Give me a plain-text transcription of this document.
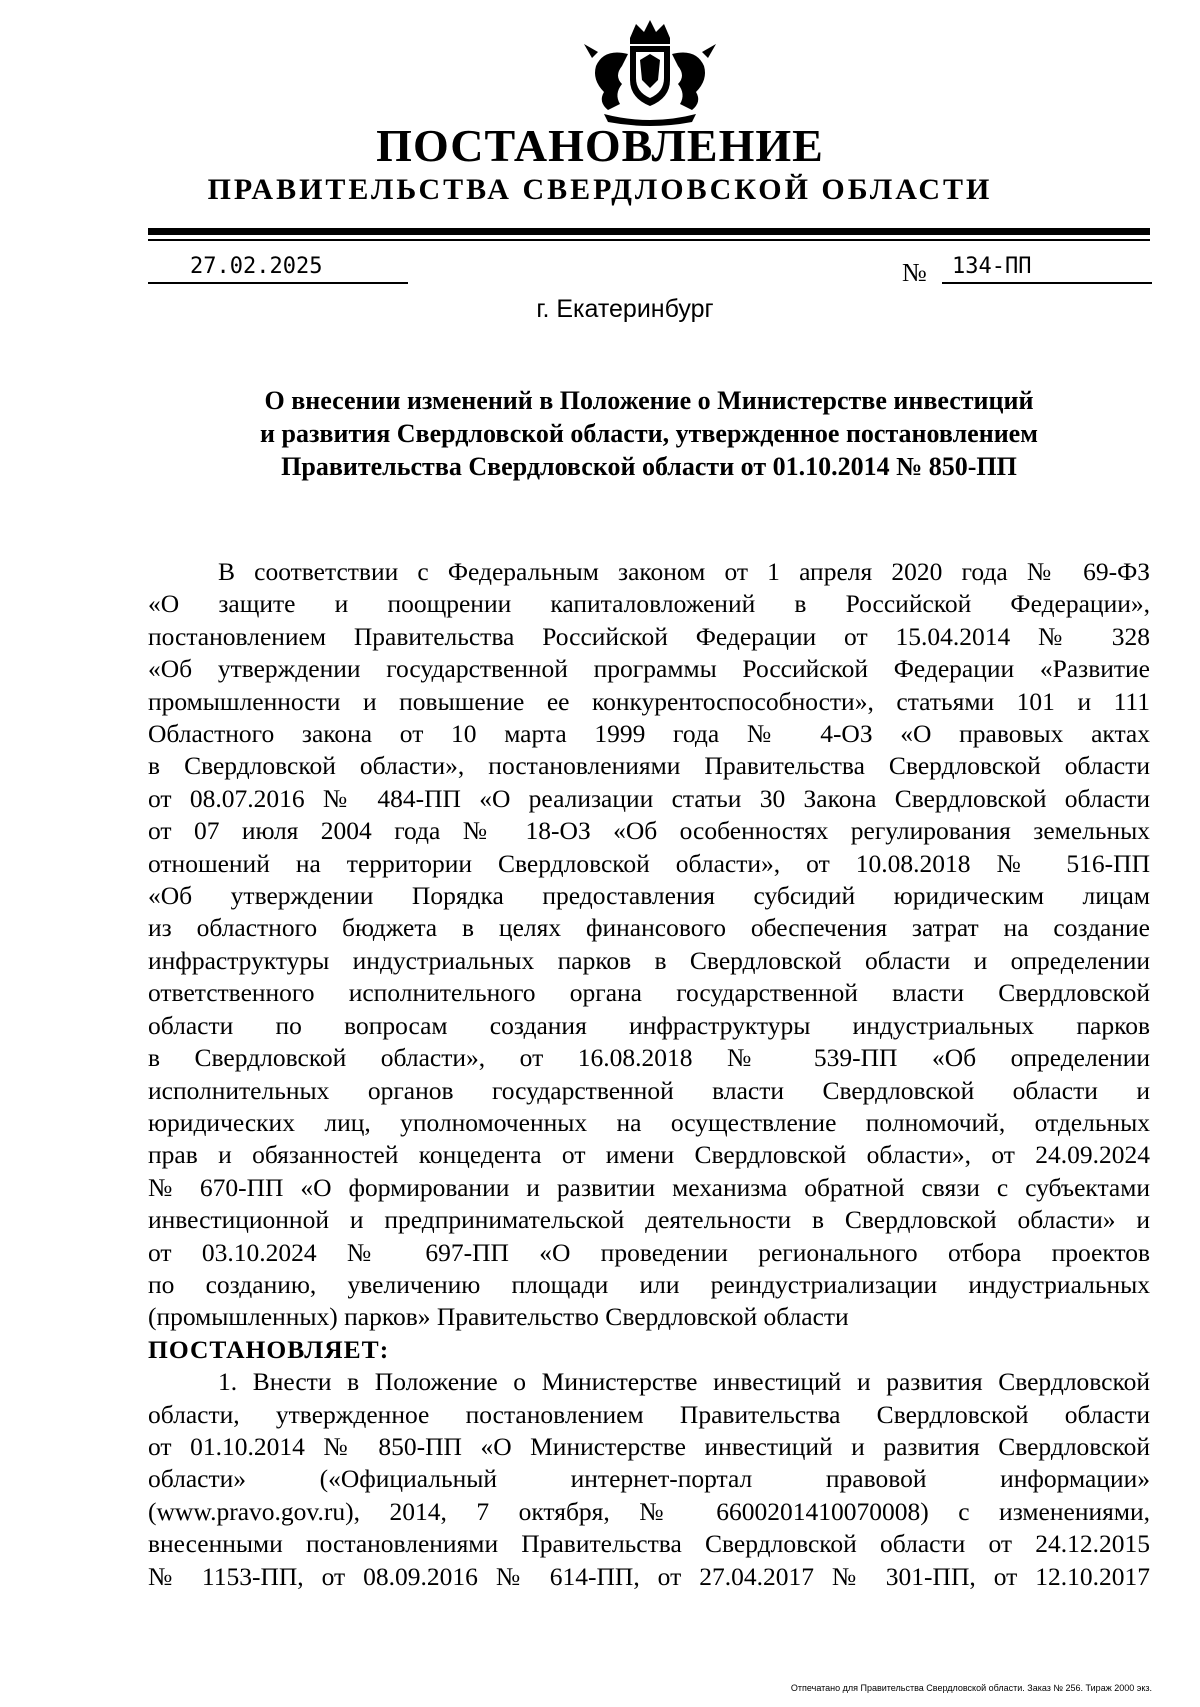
ПОСТАНОВЛЕНИЕ
ПРАВИТЕЛЬСТВА СВЕРДЛОВСКОЙ ОБЛАСТИ
27.02.2025	№	134-ПП
г. Екатеринбург
О внесении изменений в Положение о Министерстве инвестиций
и развития Свердловской области, утвержденное постановлением
Правительства Свердловской области от 01.10.2014 № 850-ПП

В соответствии с Федеральным законом от 1 апреля 2020 года № 69-ФЗ
«О защите и поощрении капиталовложений в Российской Федерации»,
постановлением Правительства Российской Федерации от 15.04.2014 № 328
«Об утверждении государственной программы Российской Федерации «Развитие
промышленности и повышение ее конкурентоспособности», статьями 101 и 111
Областного закона от 10 марта 1999 года № 4-ОЗ «О правовых актах
в Свердловской области», постановлениями Правительства Свердловской области
от 08.07.2016 № 484-ПП «О реализации статьи 30 Закона Свердловской области
от 07 июля 2004 года № 18-ОЗ «Об особенностях регулирования земельных
отношений на территории Свердловской области», от 10.08.2018 № 516-ПП
«Об утверждении Порядка предоставления субсидий юридическим лицам
из областного бюджета в целях финансового обеспечения затрат на создание
инфраструктуры индустриальных парков в Свердловской области и определении
ответственного исполнительного органа государственной власти Свердловской
области по вопросам создания инфраструктуры индустриальных парков
в Свердловской области», от 16.08.2018 № 539-ПП «Об определении
исполнительных органов государственной власти Свердловской области и
юридических лиц, уполномоченных на осуществление полномочий, отдельных
прав и обязанностей концедента от имени Свердловской области», от 24.09.2024
№ 670-ПП «О формировании и развитии механизма обратной связи с субъектами
инвестиционной и предпринимательской деятельности в Свердловской области» и
от 03.10.2024 № 697-ПП «О проведении регионального отбора проектов
по созданию, увеличению площади или реиндустриализации индустриальных
(промышленных) парков» Правительство Свердловской области

ПОСТАНОВЛЯЕТ:

1. Внести в Положение о Министерстве инвестиций и развития Свердловской
области, утвержденное постановлением Правительства Свердловской области
от 01.10.2014 № 850-ПП «О Министерстве инвестиций и развития Свердловской
области» («Официальный интернет-портал правовой информации»
(www.pravo.gov.ru), 2014, 7 октября, № 6600201410070008) с изменениями,
внесенными постановлениями Правительства Свердловской области от 24.12.2015
№ 1153-ПП, от 08.09.2016 № 614-ПП, от 27.04.2017 № 301-ПП, от 12.10.2017

Отпечатано для Правительства Свердловской области. Заказ № 256. Тираж 2000 экз.
